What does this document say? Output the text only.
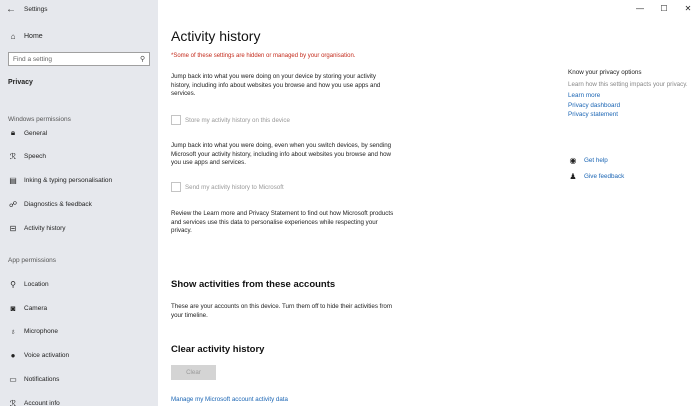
← Settings
⌂	Home
Find a setting
⚲
Privacy
Windows permissions
🔒︎	General
ℛ Speech
▤ Inking & typing personalisation
☍ Diagnostics & feedback
⊟ Activity history
App permissions
⚲	Location
◙	Camera
♁	Microphone
●	Voice activation
▭ Notifications
ℛ Account info
— ☐ ✕
Activity history
*Some of these settings are hidden or managed by your organisation.

Jump back into what you were doing on your device by storing your activity history, including info about websites you browse and how you use apps and services.

Store my activity history on this device

Jump back into what you were doing, even when you switch devices, by sending Microsoft your activity history, including info about websites you browse and how you use apps and services.

Send my activity history to Microsoft

Review the Learn more and Privacy Statement to find out how Microsoft products and services use this data to personalise experiences while respecting your privacy.

Show activities from these accounts

These are your accounts on this device. Turn them off to hide their activities from your timeline.

Clear activity history
Clear
Manage my Microsoft account activity data
Know your privacy options
Learn how this setting impacts your privacy.
Learn more
Privacy dashboard
Privacy statement
◉ Get help
♟ Give feedback
